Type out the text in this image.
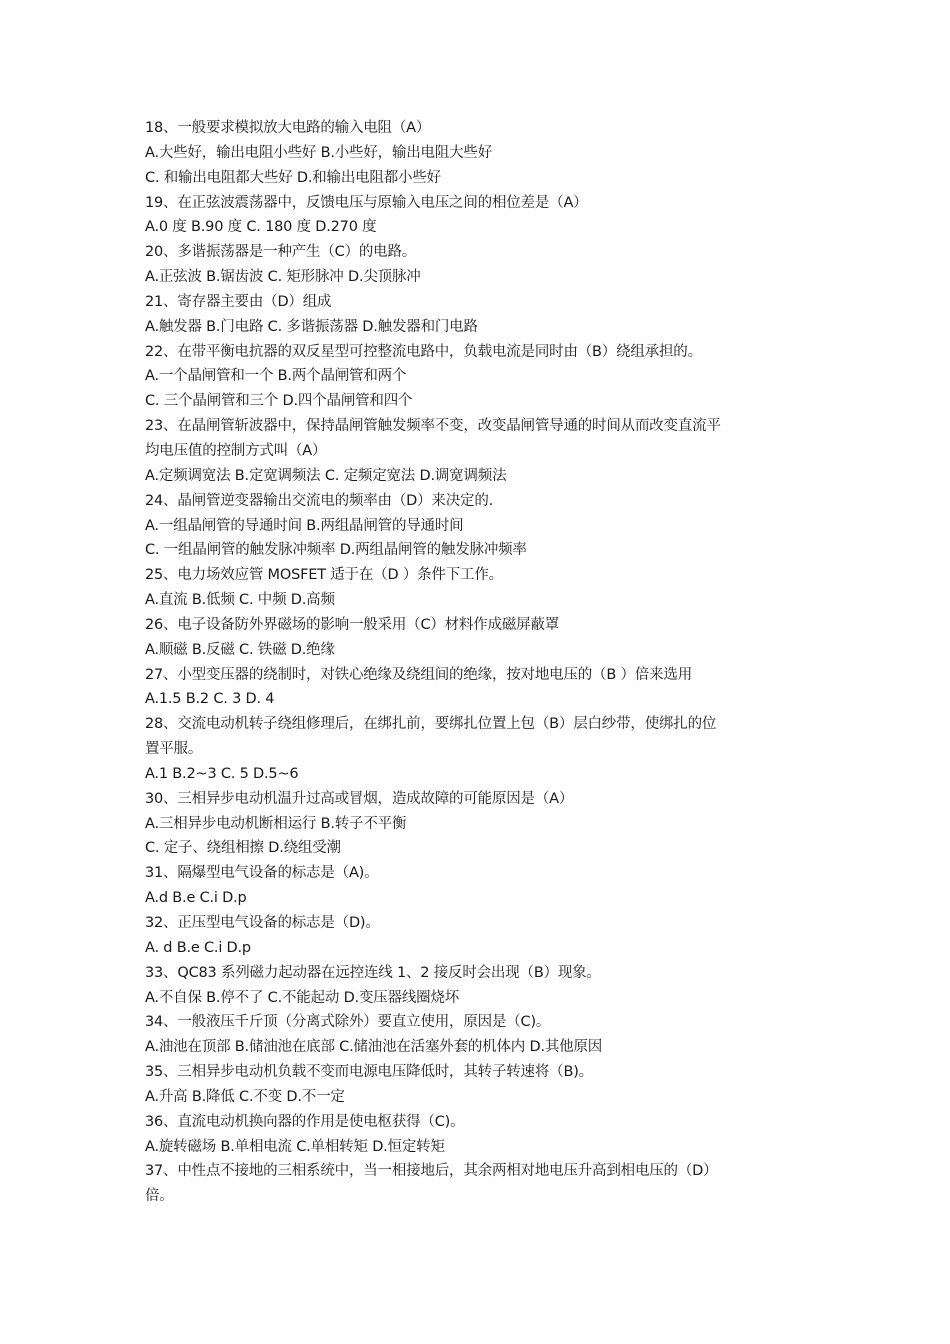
18、一般要求模拟放大电路的输入电阻（A）
A.大些好，输出电阻小些好 B.小些好，输出电阻大些好
C. 和输出电阻都大些好 D.和输出电阻都小些好
19、在正弦波震荡器中，反馈电压与原输入电压之间的相位差是（A）
A.0 度 B.90 度 C. 180 度 D.270 度
20、多谐振荡器是一种产生（C）的电路。
A.正弦波 B.锯齿波 C. 矩形脉冲 D.尖顶脉冲
21、寄存器主要由（D）组成
A.触发器 B.门电路 C. 多谐振荡器 D.触发器和门电路
22、在带平衡电抗器的双反星型可控整流电路中，负载电流是同时由（B）绕组承担的。
A.一个晶闸管和一个 B.两个晶闸管和两个
C. 三个晶闸管和三个 D.四个晶闸管和四个
23、在晶闸管斩波器中，保持晶闸管触发频率不变，改变晶闸管导通的时间从而改变直流平
均电压值的控制方式叫（A）
A.定频调宽法 B.定宽调频法 C. 定频定宽法 D.调宽调频法
24、晶闸管逆变器输出交流电的频率由（D）来决定的.
A.一组晶闸管的导通时间 B.两组晶闸管的导通时间
C. 一组晶闸管的触发脉冲频率 D.两组晶闸管的触发脉冲频率
25、电力场效应管 MOSFET 适于在（D ）条件下工作。
A.直流 B.低频 C. 中频 D.高频
26、电子设备防外界磁场的影响一般采用（C）材料作成磁屏蔽罩
A.顺磁 B.反磁 C. 铁磁 D.绝缘
27、小型变压器的绕制时，对铁心绝缘及绕组间的绝缘，按对地电压的（B ）倍来选用
A.1.5 B.2 C. 3 D. 4
28、交流电动机转子绕组修理后，在绑扎前，要绑扎位置上包（B）层白纱带，使绑扎的位
置平服。
A.1 B.2~3 C. 5 D.5~6
30、三相异步电动机温升过高或冒烟，造成故障的可能原因是（A）
A.三相异步电动机断相运行 B.转子不平衡
C. 定子、绕组相擦 D.绕组受潮
31、隔爆型电气设备的标志是（A)。
A.d B.e C.i D.p
32、正压型电气设备的标志是（D)。
A. d B.e C.i D.p
33、QC83 系列磁力起动器在远控连线 1、2 接反时会出现（B）现象。
A.不自保 B.停不了 C.不能起动 D.变压器线圈烧坏
34、一般液压千斤顶（分离式除外）要直立使用，原因是（C)。
A.油池在顶部 B.储油池在底部 C.储油池在活塞外套的机体内 D.其他原因
35、三相异步电动机负载不变而电源电压降低时，其转子转速将（B)。
A.升高 B.降低 C.不变 D.不一定
36、直流电动机换向器的作用是使电枢获得（C)。
A.旋转磁场 B.单相电流 C.单相转矩 D.恒定转矩
37、中性点不接地的三相系统中，当一相接地后，其余两相对地电压升高到相电压的（D）
倍。
